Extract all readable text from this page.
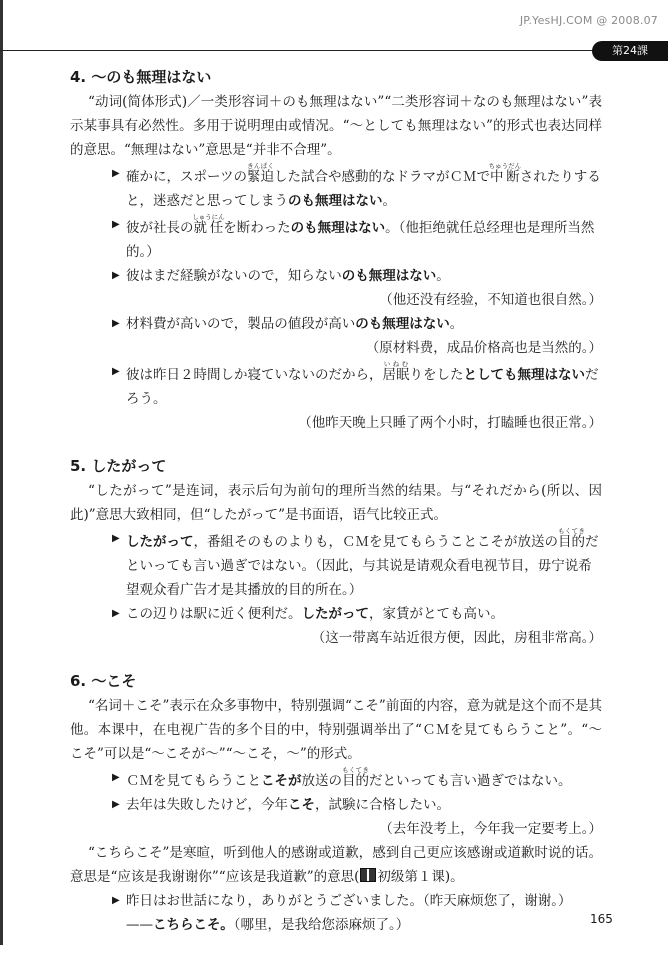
JP.YesHJ.COM @ 2008.07
第24課
4. ～のも無理はない
“动词(简体形式)／一类形容词＋のも無理はない”“二类形容词＋なのも無理はない”表示某事具有必然性。多用于说明理由或情况。“～としても無理はない”的形式也表达同样的意思。“無理はない”意思是“并非不合理”。
▶ 確かに，スポーツの緊迫きんぱくした試合や感動的なドラマがＣＭで中断ちゅうだんされたりすると，迷惑だと思ってしまうのも無理はない。
▶ 彼が社長の就任しゅうにんを断わったのも無理はない。（他拒绝就任总经理也是理所当然的。）
▶ 彼はまだ経験がないので，知らないのも無理はない。
（他还没有经验，不知道也很自然。）
▶ 材料費が高いので，製品の値段が高いのも無理はない。
（原材料费，成品价格高也是当然的。）
▶ 彼は昨日２時間しか寝ていないのだから，居眠いねむりをしたとしても無理はないだろう。
（他昨天晚上只睡了两个小时，打瞌睡也很正常。）
5. したがって
“したがって”是连词，表示后句为前句的理所当然的结果。与“それだから(所以、因此)”意思大致相同，但“したがって”是书面语，语气比较正式。
▶ したがって，番組そのものよりも，ＣＭを見てもらうことこそが放送の目的もくてきだといっても言い過ぎではない。（因此，与其说是请观众看电视节目，毋宁说希望观众看广告才是其播放的目的所在。）
▶ この辺りは駅に近く便利だ。したがって，家賃がとても高い。
（这一带离车站近很方便，因此，房租非常高。）
6. ～こそ
“名词＋こそ”表示在众多事物中，特别强调“こそ”前面的内容，意为就是这个而不是其他。本课中，在电视广告的多个目的中，特别强调举出了“ＣＭを見てもらうこと”。“～こそ”可以是“～こそが～”“～こそ，～”的形式。
▶ ＣＭを見てもらうことこそが放送の目的もくてきだといっても言い過ぎではない。
▶ 去年は失敗したけど，今年こそ，試験に合格したい。
（去年没考上，今年我一定要考上。）
“こちらこそ”是寒暄，听到他人的感谢或道歉，感到自己更应该感谢或道歉时说的话。意思是“应该是我谢谢你”“应该是我道歉”的意思( 初级第１课)。
▶ 昨日はお世話になり，ありがとうございました。（昨天麻烦您了，谢谢。）
——こちらこそ。（哪里，是我给您添麻烦了。）	165
